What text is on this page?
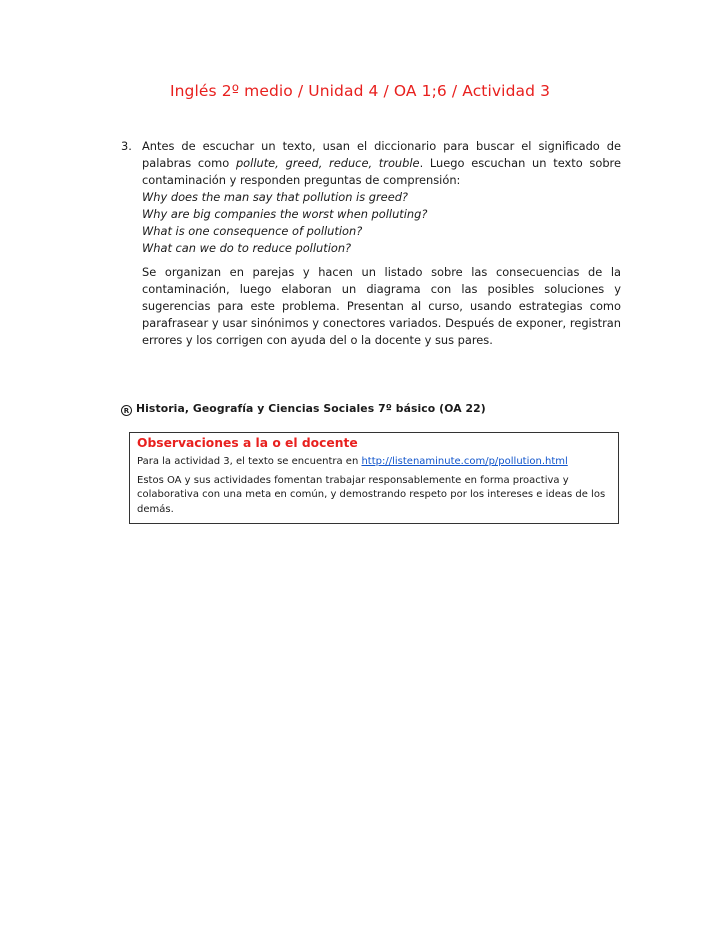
Inglés 2º medio / Unidad 4 / OA 1;6 / Actividad 3
3. Antes de escuchar un texto, usan el diccionario para buscar el significado de palabras como pollute, greed, reduce, trouble. Luego escuchan un texto sobre contaminación y responden preguntas de comprensión:

Why does the man say that pollution is greed?

Why are big companies the worst when polluting?

What is one consequence of pollution?

What can we do to reduce pollution?

Se organizan en parejas y hacen un listado sobre las consecuencias de la contaminación, luego elaboran un diagrama con las posibles soluciones y sugerencias para este problema. Presentan al curso, usando estrategias como parafrasear y usar sinónimos y conectores variados. Después de exponer, registran errores y los corrigen con ayuda del o la docente y sus pares.

R Historia, Geografía y Ciencias Sociales 7º básico (OA 22)
Observaciones a la o el docente

Para la actividad 3, el texto se encuentra en http://listenaminute.com/p/pollution.html

Estos OA y sus actividades fomentan trabajar responsablemente en forma proactiva y colaborativa con una meta en común, y demostrando respeto por los intereses e ideas de los demás.
